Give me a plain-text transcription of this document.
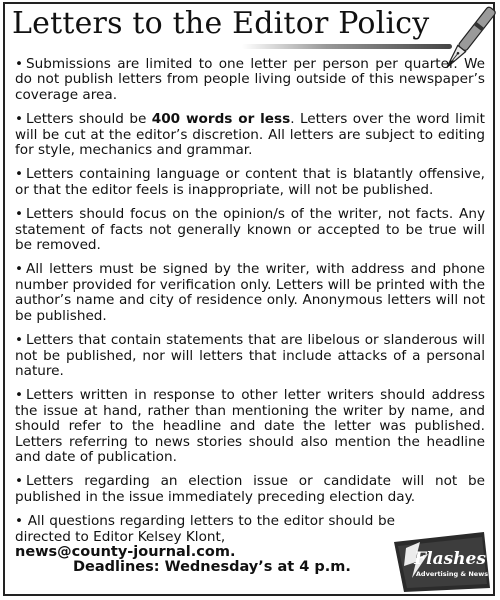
Letters to the Editor Policy

• Submissions are limited to one letter per person per quarter. We do not publish letters from people living outside of this newspaper’s coverage area.

• Letters should be 400 words or less. Letters over the word limit will be cut at the editor’s discretion. All letters are subject to editing for style, mechanics and grammar.

• Letters containing language or content that is blatantly offensive, or that the editor feels is inappropriate, will not be published.

• Letters should focus on the opinion/s of the writer, not facts. Any statement of facts not generally known or accepted to be true will be removed.

• All letters must be signed by the writer, with address and phone number provided for verification only. Letters will be printed with the author’s name and city of residence only. Anonymous letters will not be published.

• Letters that contain statements that are libelous or slanderous will not be published, nor will letters that include attacks of a personal nature.

• Letters written in response to other letter writers should address the issue at hand, rather than mentioning the writer by name, and should refer to the headline and date the letter was published. Letters referring to news stories should also mention the headline and date of publication.

• Letters regarding an election issue or candidate will not be published in the issue immediately preceding election day.

• All questions regarding letters to the editor should be directed to Editor Kelsey Klont,
news@county-journal.com.
Deadlines: Wednesday’s at 4 p.m.	Flashes
Advertising & News
